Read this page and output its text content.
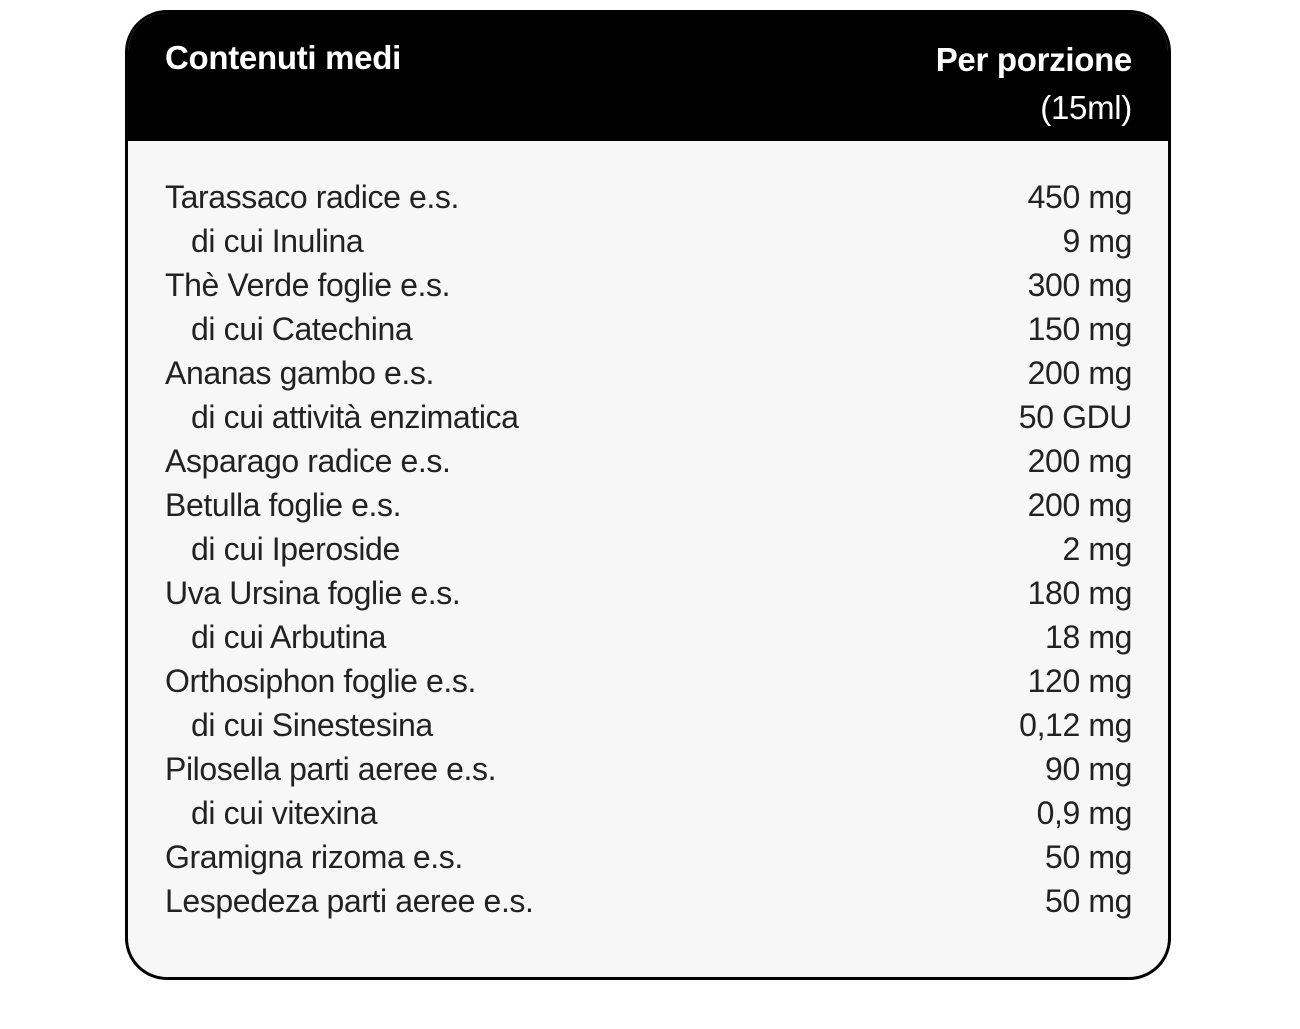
Contenuti medi	Per porzione
(15ml)
Tarassaco radice e.s.	450 mg
di cui Inulina	9 mg
Thè Verde foglie e.s.	300 mg
di cui Catechina	150 mg
Ananas gambo e.s.	200 mg
di cui attività enzimatica	50 GDU
Asparago radice e.s.	200 mg
Betulla foglie e.s.	200 mg
di cui Iperoside	2 mg
Uva Ursina foglie e.s.	180 mg
di cui Arbutina	18 mg
Orthosiphon foglie e.s.	120 mg
di cui Sinestesina	0,12 mg
Pilosella parti aeree e.s.	90 mg
di cui vitexina	0,9 mg
Gramigna rizoma e.s.	50 mg
Lespedeza parti aeree e.s.	50 mg
